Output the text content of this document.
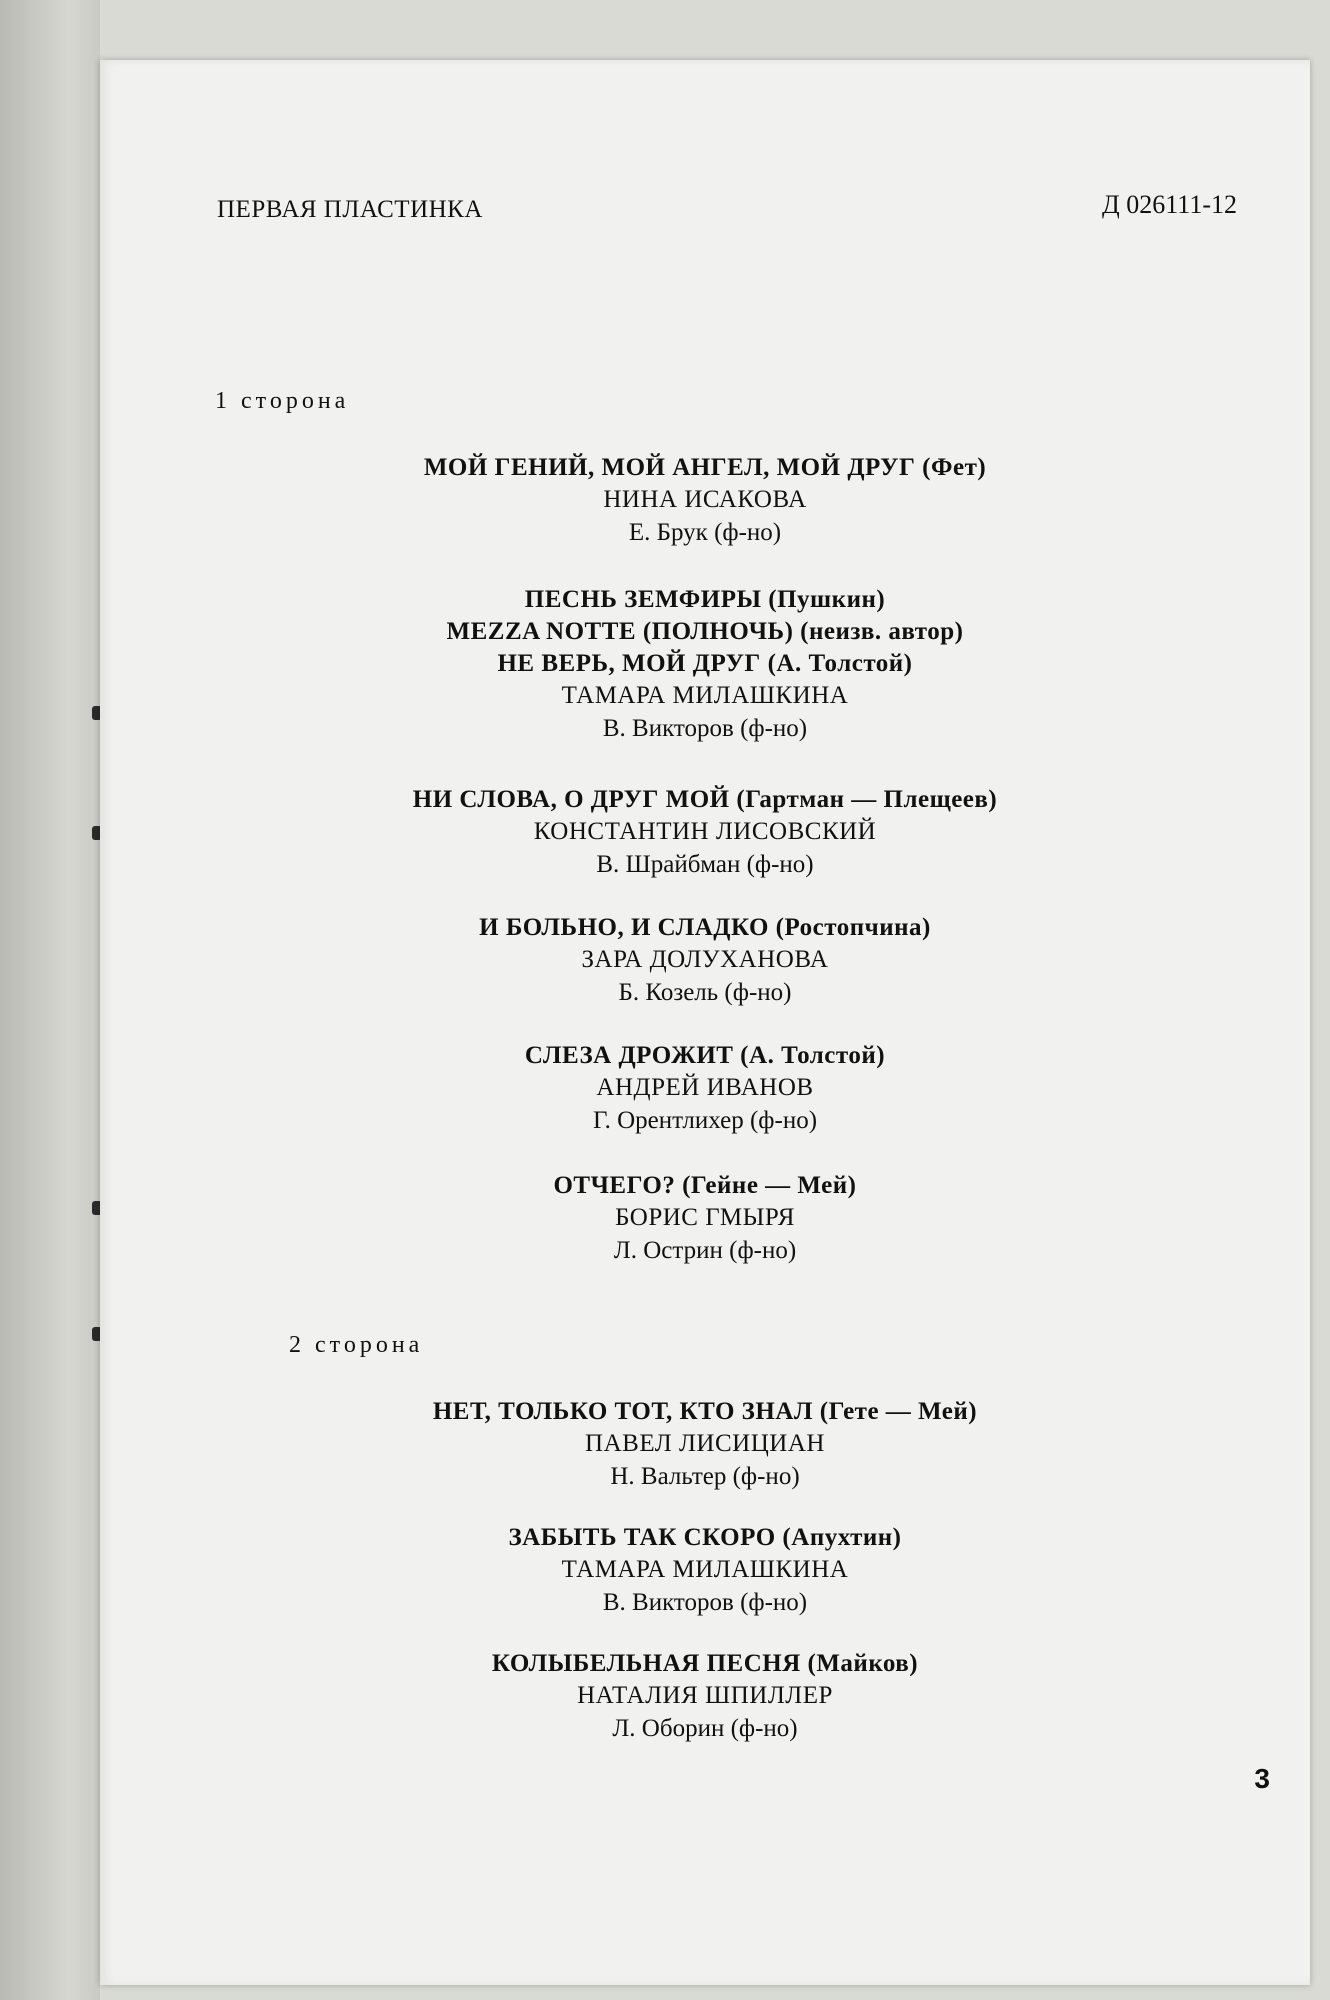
ПЕРВАЯ ПЛАСТИНКА	Д 026111-12
1 сторона
МОЙ ГЕНИЙ, МОЙ АНГЕЛ, МОЙ ДРУГ (Фет)
НИНА ИСАКОВА
Е. Брук (ф-но)
ПЕСНЬ ЗЕМФИРЫ (Пушкин)
MEZZA NOTTE (ПОЛНОЧЬ) (неизв. автор)
НЕ ВЕРЬ, МОЙ ДРУГ (А. Толстой)
ТАМАРА МИЛАШКИНА
В. Викторов (ф-но)
НИ СЛОВА, О ДРУГ МОЙ (Гартман — Плещеев)
КОНСТАНТИН ЛИСОВСКИЙ
В. Шрайбман (ф-но)
И БОЛЬНО, И СЛАДКО (Ростопчина)
ЗАРА ДОЛУХАНОВА
Б. Козель (ф-но)
СЛЕЗА ДРОЖИТ (А. Толстой)
АНДРЕЙ ИВАНОВ
Г. Орентлихер (ф-но)
ОТЧЕГО? (Гейне — Мей)
БОРИС ГМЫРЯ
Л. Острин (ф-но)
2 сторона
НЕТ, ТОЛЬКО ТОТ, КТО ЗНАЛ (Гете — Мей)
ПАВЕЛ ЛИСИЦИАН
Н. Вальтер (ф-но)
ЗАБЫТЬ ТАК СКОРО (Апухтин)
ТАМАРА МИЛАШКИНА
В. Викторов (ф-но)
КОЛЫБЕЛЬНАЯ ПЕСНЯ (Майков)
НАТАЛИЯ ШПИЛЛЕР
Л. Оборин (ф-но)
3
